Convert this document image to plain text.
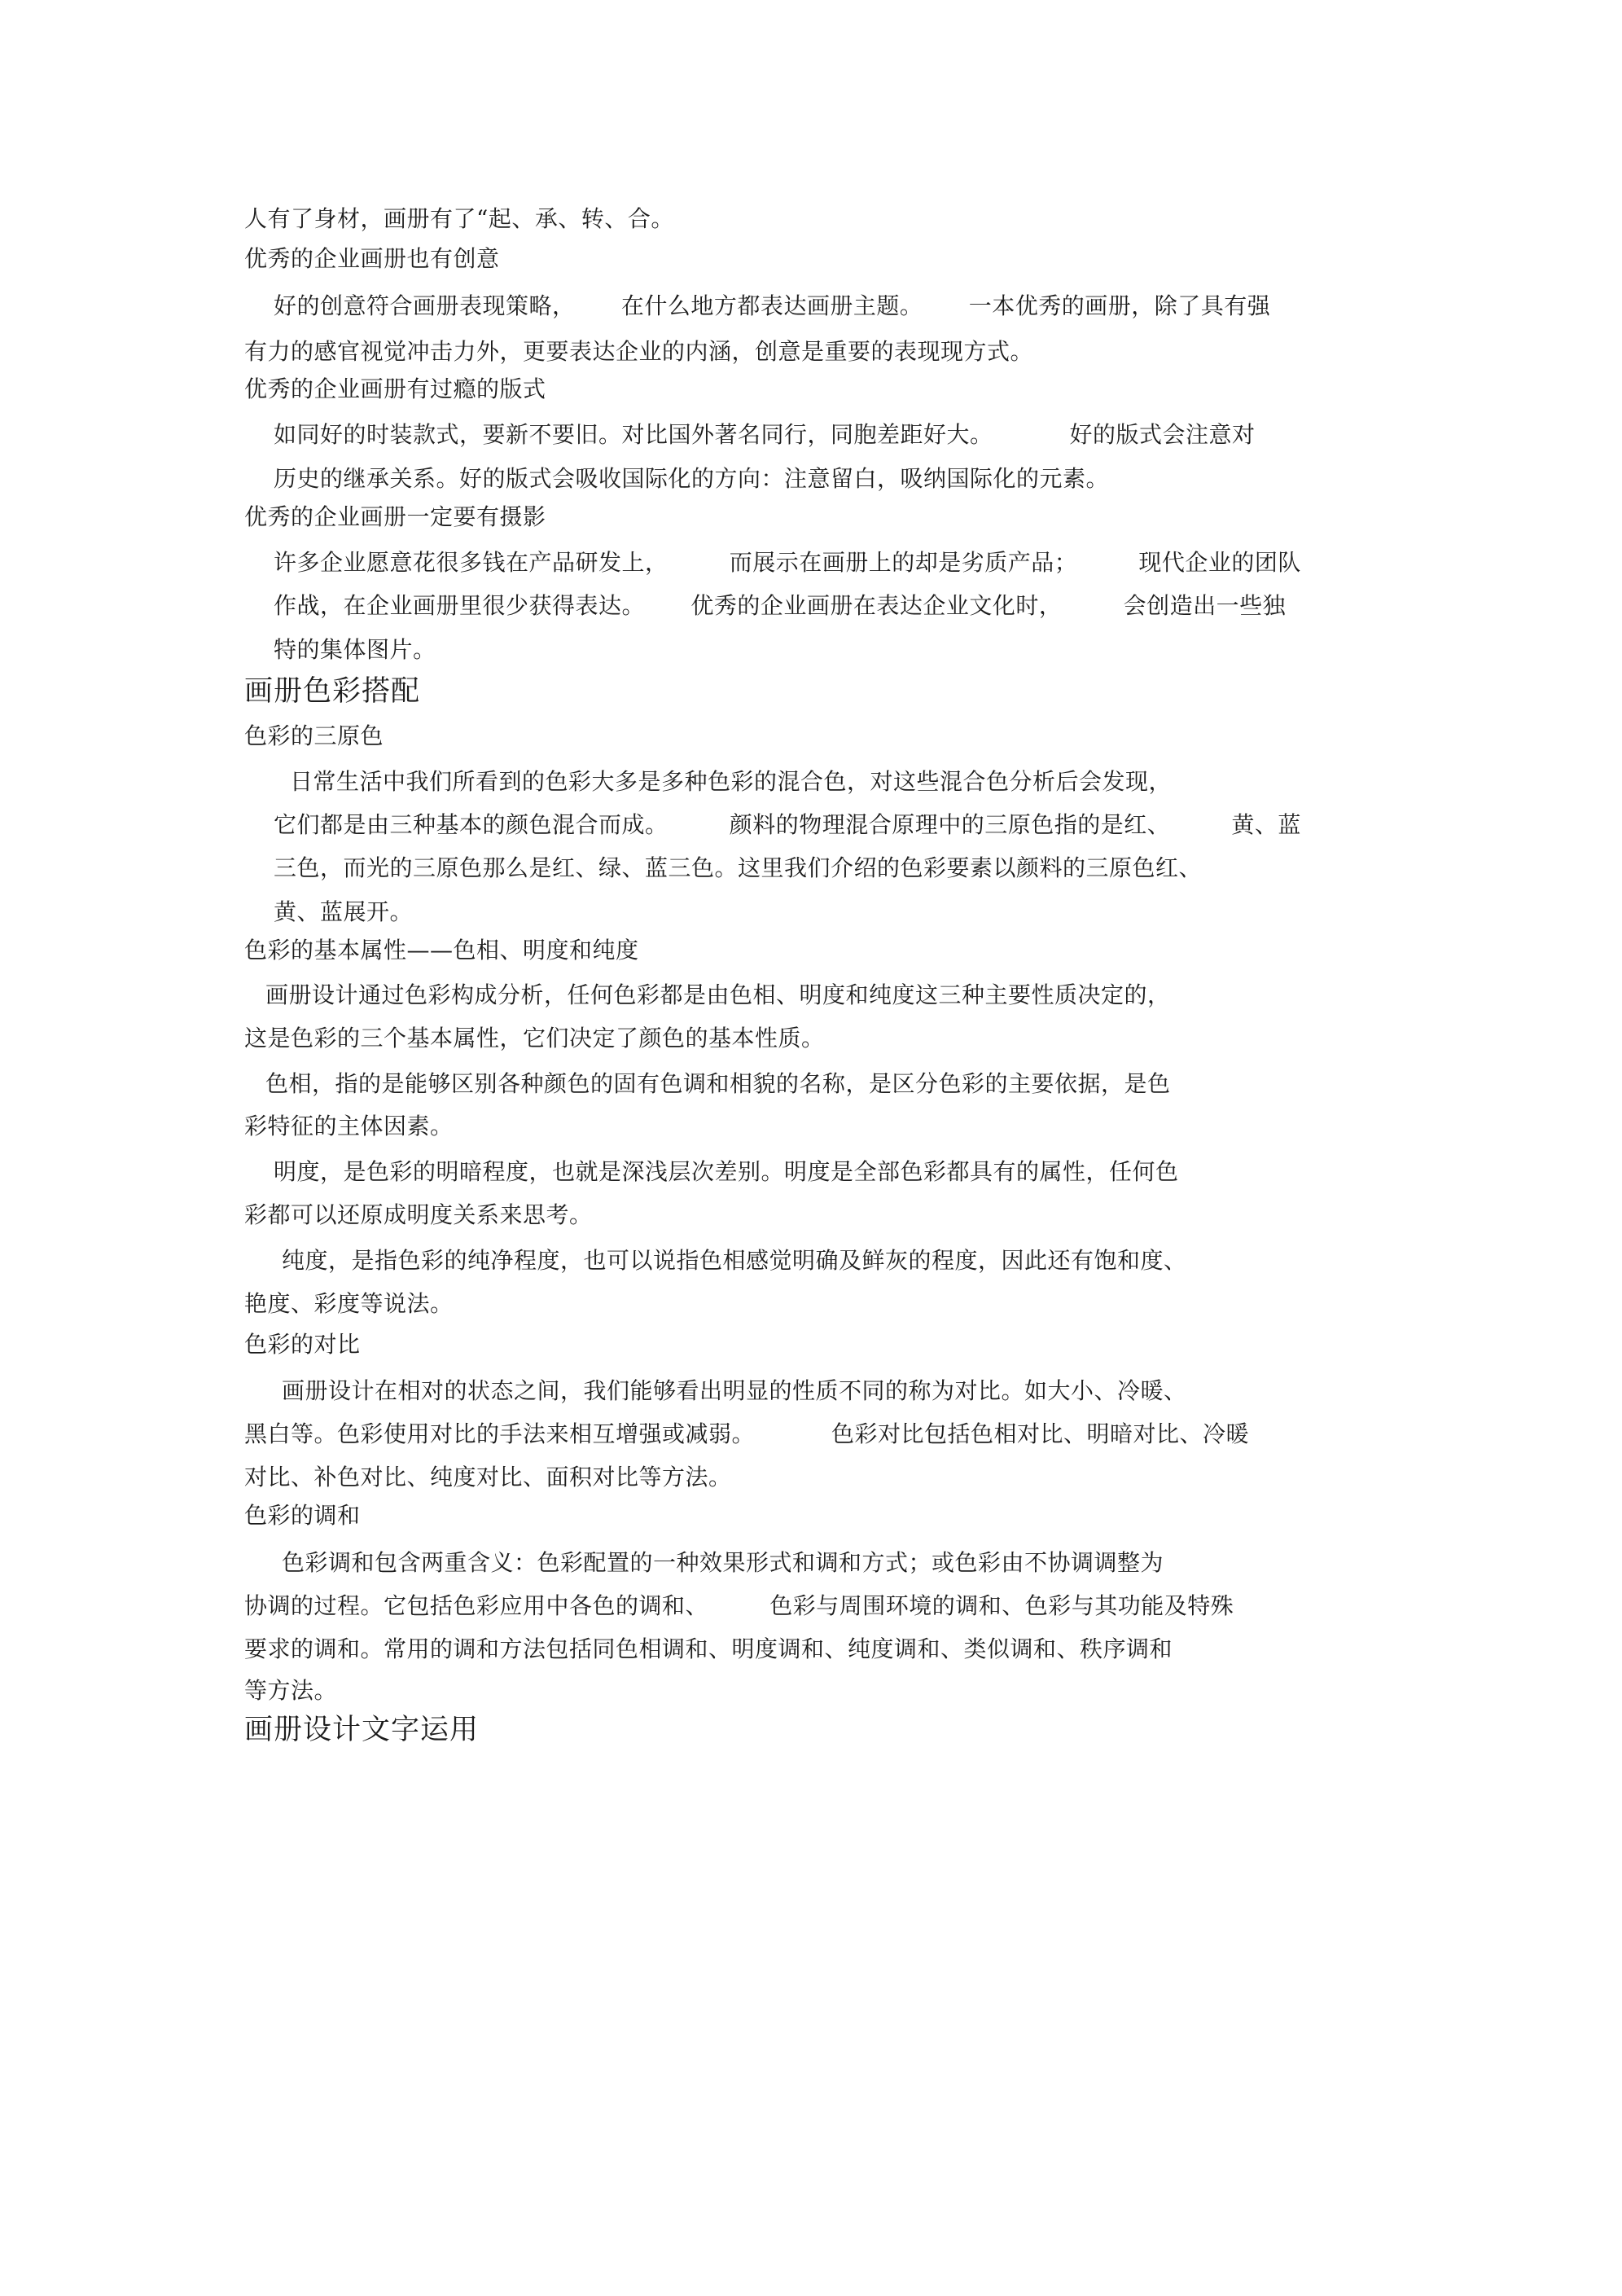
人有了身材，画册有了“起、承、转、合。
优秀的企业画册也有创意
好的创意符合画册表现策略，      在什么地方都表达画册主题。      一本优秀的画册，除了具有强
有力的感官视觉冲击力外，更要表达企业的内涵，创意是重要的表现现方式。
优秀的企业画册有过瘾的版式
如同好的时装款式，要新不要旧。对比国外著名同行，同胞差距好大。          好的版式会注意对
历史的继承关系。好的版式会吸收国际化的方向：注意留白，吸纳国际化的元素。
优秀的企业画册一定要有摄影
许多企业愿意花很多钱在产品研发上，        而展示在画册上的却是劣质产品；        现代企业的团队
作战，在企业画册里很少获得表达。      优秀的企业画册在表达企业文化时，        会创造出一些独
特的集体图片。
画册色彩搭配
色彩的三原色
日常生活中我们所看到的色彩大多是多种色彩的混合色，对这些混合色分析后会发现，
它们都是由三种基本的颜色混合而成。        颜料的物理混合原理中的三原色指的是红、        黄、蓝
三色，而光的三原色那么是红、绿、蓝三色。这里我们介绍的色彩要素以颜料的三原色红、
黄、蓝展开。
色彩的基本属性——色相、明度和纯度
画册设计通过色彩构成分析，任何色彩都是由色相、明度和纯度这三种主要性质决定的，
这是色彩的三个基本属性，它们决定了颜色的基本性质。
色相，指的是能够区别各种颜色的固有色调和相貌的名称，是区分色彩的主要依据，是色
彩特征的主体因素。
明度，是色彩的明暗程度，也就是深浅层次差别。明度是全部色彩都具有的属性，任何色
彩都可以还原成明度关系来思考。
纯度，是指色彩的纯净程度，也可以说指色相感觉明确及鲜灰的程度，因此还有饱和度、
艳度、彩度等说法。
色彩的对比
画册设计在相对的状态之间，我们能够看出明显的性质不同的称为对比。如大小、冷暖、
黑白等。色彩使用对比的手法来相互增强或减弱。          色彩对比包括色相对比、明暗对比、冷暖
对比、补色对比、纯度对比、面积对比等方法。
色彩的调和
色彩调和包含两重含义：色彩配置的一种效果形式和调和方式；或色彩由不协调调整为
协调的过程。它包括色彩应用中各色的调和、        色彩与周围环境的调和、色彩与其功能及特殊
要求的调和。常用的调和方法包括同色相调和、明度调和、纯度调和、类似调和、秩序调和
等方法。
画册设计文字运用
